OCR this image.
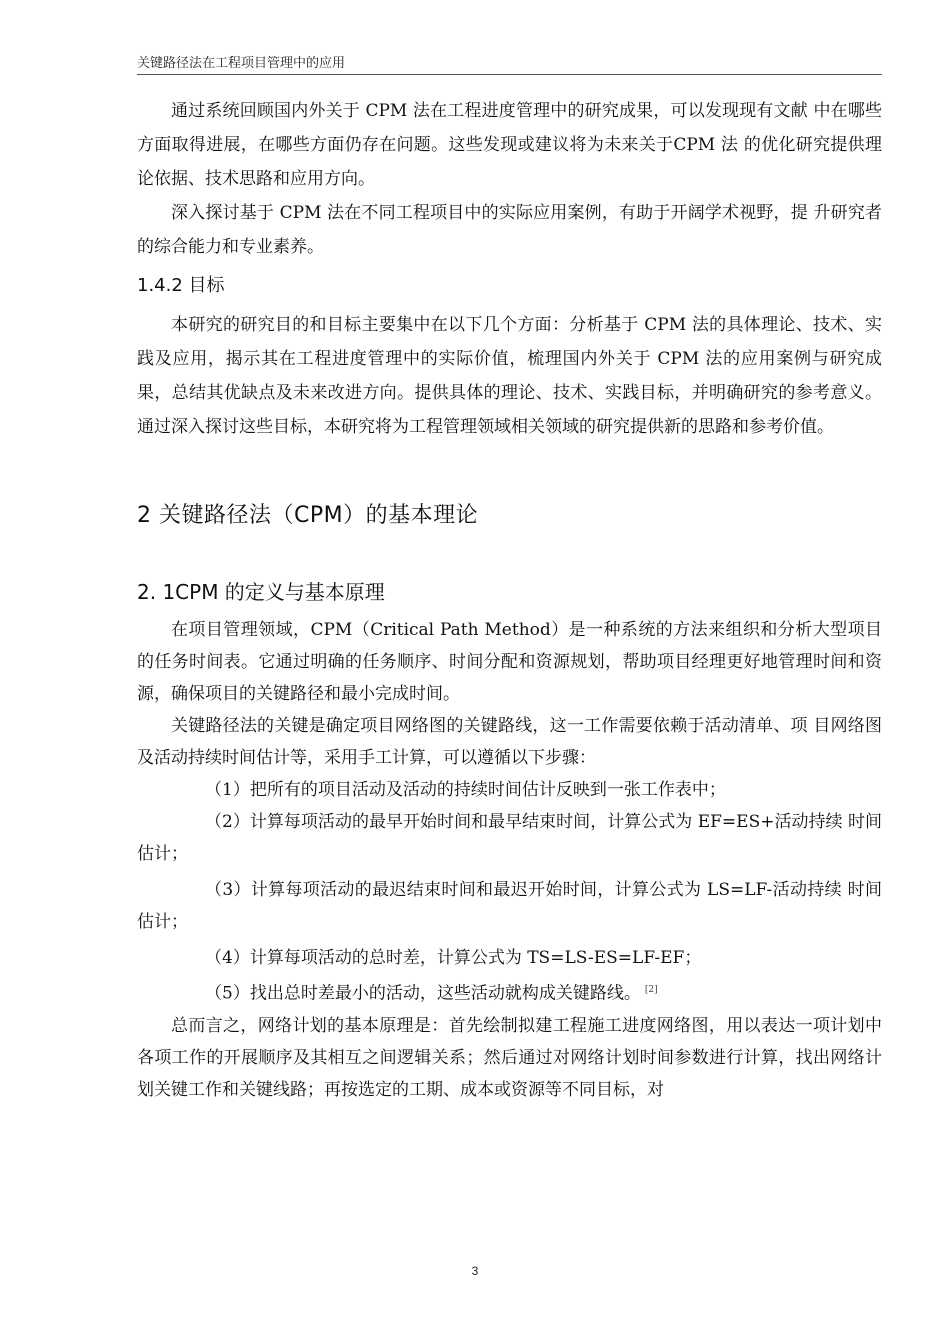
关键路径法在工程项目管理中的应用

通过系统回顾国内外关于 CPM 法在工程进度管理中的研究成果，可以发现现有文献 中在哪些方面取得进展，在哪些方面仍存在问题。这些发现或建议将为未来关于CPM 法 的优化研究提供理论依据、技术思路和应用方向。

深入探讨基于 CPM 法在不同工程项目中的实际应用案例，有助于开阔学术视野，提 升研究者的综合能力和专业素养。

1.4.2 目标

本研究的研究目的和目标主要集中在以下几个方面：分析基于 CPM 法的具体理论、技术、实践及应用，揭示其在工程进度管理中的实际价值，梳理国内外关于 CPM 法的应用案例与研究成果，总结其优缺点及未来改进方向。提供具体的理论、技术、实践目标，并明确研究的参考意义。通过深入探讨这些目标，本研究将为工程管理领域相关领域的研究提供新的思路和参考价值。

2 关键路径法（CPM）的基本理论
2. 1CPM 的定义与基本原理

在项目管理领域，CPM（Critical Path Method）是一种系统的方法来组织和分析大型项目的任务时间表。它通过明确的任务顺序、时间分配和资源规划，帮助项目经理更好地管理时间和资源，确保项目的关键路径和最小完成时间。

关键路径法的关键是确定项目网络图的关键路线，这一工作需要依赖于活动清单、项 目网络图及活动持续时间估计等，采用手工计算，可以遵循以下步骤：

（1）把所有的项目活动及活动的持续时间估计反映到一张工作表中；

（2）计算每项活动的最早开始时间和最早结束时间，计算公式为 EF=ES+活动持续 时间估计；

（3）计算每项活动的最迟结束时间和最迟开始时间，计算公式为 LS=LF-活动持续 时间估计；

（4）计算每项活动的总时差，计算公式为 TS=LS-ES=LF-EF；

（5）找出总时差最小的活动，这些活动就构成关键路线。 [2]

总而言之，网络计划的基本原理是：首先绘制拟建工程施工进度网络图，用以表达一项计划中各项工作的开展顺序及其相互之间逻辑关系；然后通过对网络计划时间参数进行计算，找出网络计划关键工作和关键线路；再按选定的工期、成本或资源等不同目标，对

3
